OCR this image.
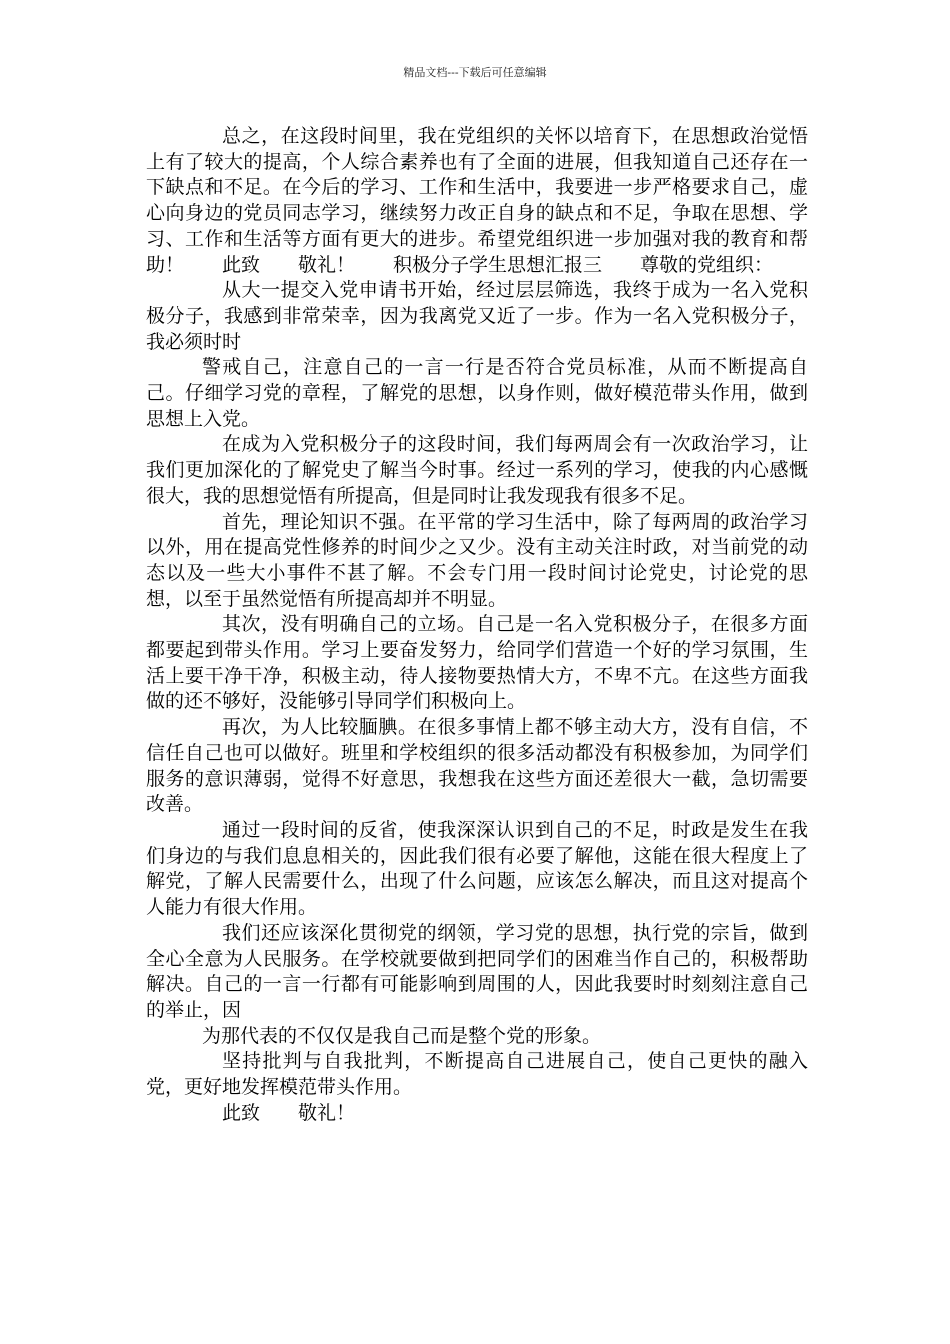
精品文档---下载后可任意编辑

总之，在这段时间里，我在党组织的关怀以培育下，在思想政治觉悟上有了较大的提高，个人综合素养也有了全面的进展，但我知道自己还存在一下缺点和不足。在今后的学习、工作和生活中，我要进一步严格要求自己，虚心向身边的党员同志学习，继续努力改正自身的缺点和不足，争取在思想、学习、工作和生活等方面有更大的进步。希望党组织进一步加强对我的教育和帮助！　　此致　　敬礼！　　积极分子学生思想汇报三　　尊敬的党组织：

从大一提交入党申请书开始，经过层层筛选，我终于成为一名入党积极分子，我感到非常荣幸，因为我离党又近了一步。作为一名入党积极分子，我必须时时

警戒自己，注意自己的一言一行是否符合党员标准，从而不断提高自己。仔细学习党的章程，了解党的思想，以身作则，做好模范带头作用，做到思想上入党。

在成为入党积极分子的这段时间，我们每两周会有一次政治学习，让我们更加深化的了解党史了解当今时事。经过一系列的学习，使我的内心感慨很大，我的思想觉悟有所提高，但是同时让我发现我有很多不足。

首先，理论知识不强。在平常的学习生活中，除了每两周的政治学习以外，用在提高党性修养的时间少之又少。没有主动关注时政，对当前党的动态以及一些大小事件不甚了解。不会专门用一段时间讨论党史，讨论党的思想，以至于虽然觉悟有所提高却并不明显。

其次，没有明确自己的立场。自己是一名入党积极分子，在很多方面都要起到带头作用。学习上要奋发努力，给同学们营造一个好的学习氛围，生活上要干净干净，积极主动，待人接物要热情大方，不卑不亢。在这些方面我做的还不够好，没能够引导同学们积极向上。

再次，为人比较腼腆。在很多事情上都不够主动大方，没有自信，不信任自己也可以做好。班里和学校组织的很多活动都没有积极参加，为同学们服务的意识薄弱，觉得不好意思，我想我在这些方面还差很大一截，急切需要改善。

通过一段时间的反省，使我深深认识到自己的不足，时政是发生在我们身边的与我们息息相关的，因此我们很有必要了解他，这能在很大程度上了解党，了解人民需要什么，出现了什么问题，应该怎么解决，而且这对提高个人能力有很大作用。

我们还应该深化贯彻党的纲领，学习党的思想，执行党的宗旨，做到全心全意为人民服务。在学校就要做到把同学们的困难当作自己的，积极帮助解决。自己的一言一行都有可能影响到周围的人，因此我要时时刻刻注意自己的举止，因

为那代表的不仅仅是我自己而是整个党的形象。

坚持批判与自我批判，不断提高自己进展自己，使自己更快的融入党，更好地发挥模范带头作用。

此致　　敬礼！
